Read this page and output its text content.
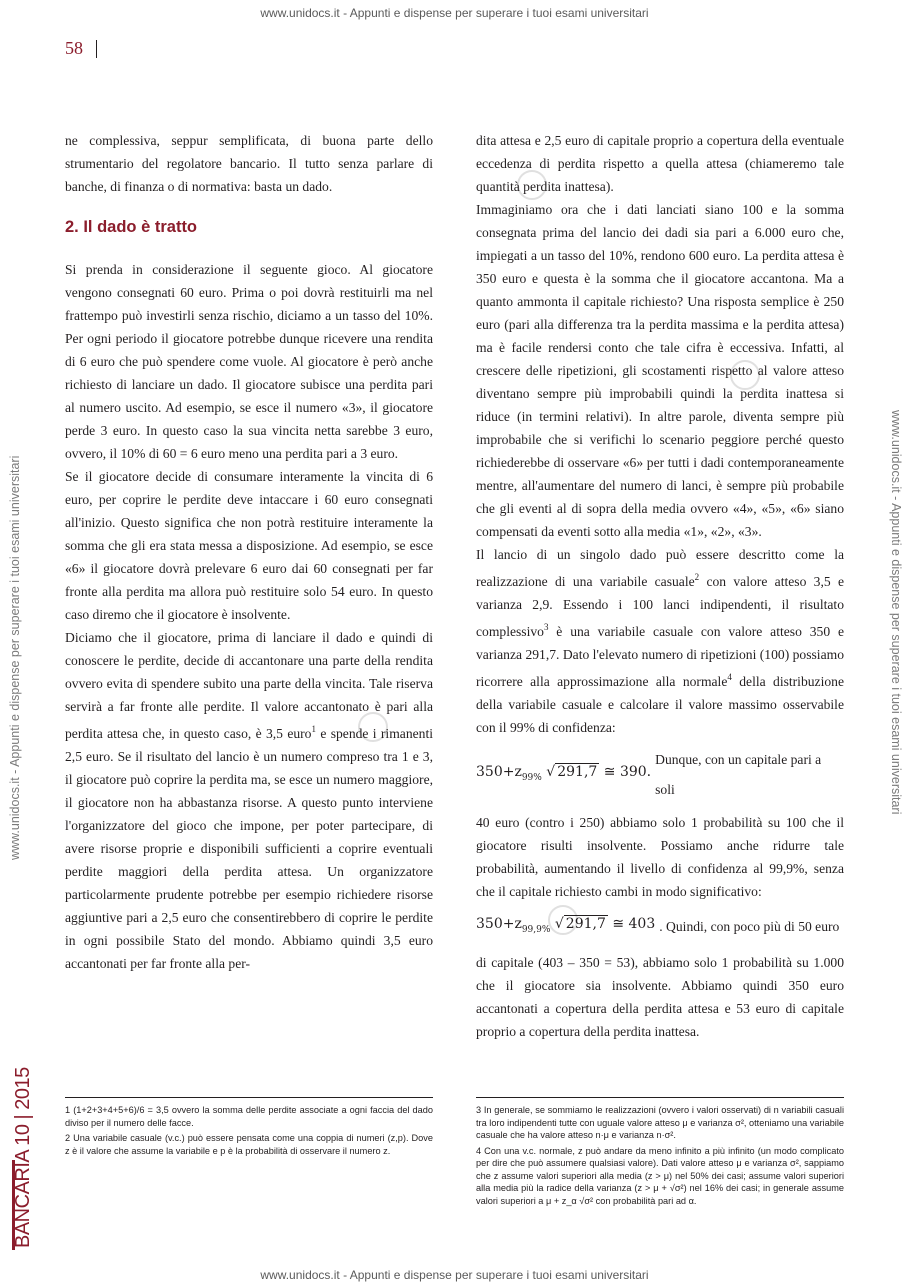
www.unidocs.it - Appunti e dispense per superare i tuoi esami universitari
www.unidocs.it - Appunti e dispense per superare i tuoi esami universitari
www.unidocs.it - Appunti e dispense per superare i tuoi esami universitari	www.unidocs.it - Appunti e dispense per superare i tuoi esami universitari
58

ne complessiva, seppur semplificata, di buona parte dello strumentario del regolatore bancario. Il tutto senza parlare di banche, di finanza o di normativa: basta un dado.

2. Il dado è tratto

Si prenda in considerazione il seguente gioco. Al giocatore vengono consegnati 60 euro. Prima o poi dovrà restituirli ma nel frattempo può investirli senza rischio, diciamo a un tasso del 10%. Per ogni periodo il giocatore potrebbe dunque ricevere una rendita di 6 euro che può spendere come vuole. Al giocatore è però anche richiesto di lanciare un dado. Il giocatore subisce una perdita pari al numero uscito. Ad esempio, se esce il numero «3», il giocatore perde 3 euro. In questo caso la sua vincita netta sarebbe 3 euro, ovvero, il 10% di 60 = 6 euro meno una perdita pari a 3 euro.

Se il giocatore decide di consumare interamente la vincita di 6 euro, per coprire le perdite deve intaccare i 60 euro consegnati all'inizio. Questo significa che non potrà restituire interamente la somma che gli era stata messa a disposizione. Ad esempio, se esce «6» il giocatore dovrà prelevare 6 euro dai 60 consegnati per far fronte alla perdita ma allora può restituire solo 54 euro. In questo caso diremo che il giocatore è insolvente.

Diciamo che il giocatore, prima di lanciare il dado e quindi di conoscere le perdite, decide di accantonare una parte della rendita ovvero evita di spendere subito una parte della vincita. Tale riserva servirà a far fronte alle perdite. Il valore accantonato è pari alla perdita attesa che, in questo caso, è 3,5 euro$^1$ e spende i rimanenti 2,5 euro. Se il risultato del lancio è un numero compreso tra 1 e 3, il giocatore può coprire la perdita ma, se esce un numero maggiore, il giocatore non ha abbastanza risorse. A questo punto interviene l'organizzatore del gioco che impone, per poter partecipare, di avere risorse proprie e disponibili sufficienti a coprire eventuali perdite maggiori della perdita attesa. Un organizzatore particolarmente prudente potrebbe per esempio richiedere risorse aggiuntive pari a 2,5 euro che consentirebbero di coprire le perdite in ogni possibile Stato del mondo. Abbiamo quindi 3,5 euro accantonati per far fronte alla per-

dita attesa e 2,5 euro di capitale proprio a copertura della eventuale eccedenza di perdita rispetto a quella attesa (chiameremo tale quantità perdita inattesa).

Immaginiamo ora che i dati lanciati siano 100 e la somma consegnata prima del lancio dei dadi sia pari a 6.000 euro che, impiegati a un tasso del 10%, rendono 600 euro. La perdita attesa è 350 euro e questa è la somma che il giocatore accantona. Ma a quanto ammonta il capitale richiesto? Una risposta semplice è 250 euro (pari alla differenza tra la perdita massima e la perdita attesa) ma è facile rendersi conto che tale cifra è eccessiva. Infatti, al crescere delle ripetizioni, gli scostamenti rispetto al valore atteso diventano sempre più improbabili quindi la perdita inattesa si riduce (in termini relativi). In altre parole, diventa sempre più improbabile che si verifichi lo scenario peggiore perché questo richiederebbe di osservare «6» per tutti i dadi contemporaneamente mentre, all'aumentare del numero di lanci, è sempre più probabile che gli eventi al di sopra della media ovvero «4», «5», «6» siano compensati da eventi sotto alla media «1», «2», «3».

Il lancio di un singolo dado può essere descritto come la realizzazione di una variabile casuale$^2$ con valore atteso 3,5 e varianza 2,9. Essendo i 100 lanci indipendenti, il risultato complessivo$^3$ è una variabile casuale con valore atteso 350 e varianza 291,7. Dato l'elevato numero di ripetizioni (100) possiamo ricorrere alla approssimazione alla normale$^4$ della distribuzione della variabile casuale e calcolare il valore massimo osservabile con il 99% di confidenza:

$350+z_{99\%}$ √ 291,7 ≅ 390.
Dunque, con un capitale pari a soli

40 euro (contro i 250) abbiamo solo 1 probabilità su 100 che il giocatore risulti insolvente. Possiamo anche ridurre tale probabilità, aumentando il livello di confidenza al 99,9%, senza che il capitale richiesto cambi in modo significativo:

$350+z_{99,9\%}$ √ 291,7 ≅ 403 . Quindi, con poco più di 50 euro

di capitale (403 – 350 = 53), abbiamo solo 1 probabilità su 1.000 che il giocatore sia insolvente. Abbiamo quindi 350 euro accantonati a copertura della perdita attesa e 53 euro di capitale proprio a copertura della perdita inattesa.

1 (1+2+3+4+5+6)/6 = 3,5 ovvero la somma delle perdite associate a ogni faccia del dado diviso per il numero delle facce.

2 Una variabile casuale (v.c.) può essere pensata come una coppia di numeri (z,p). Dove z è il valore che assume la variabile e p è la probabilità di osservare il numero z.

3 In generale, se sommiamo le realizzazioni (ovvero i valori osservati) di n variabili casuali tra loro indipendenti tutte con uguale valore atteso μ e varianza σ², otteniamo una variabile casuale che ha valore atteso n·μ e varianza n·σ².

4 Con una v.c. normale, z può andare da meno infinito a più infinito (un modo complicato per dire che può assumere qualsiasi valore). Dati valore atteso μ e varianza σ², sappiamo che z assume valori superiori alla media (z > μ) nel 50% dei casi; assume valori superiori alla media più la radice della varianza (z > μ + √σ²) nel 16% dei casi; in generale assume valori superiori a μ + z_α √σ² con probabilità pari ad α.

BANCARIA 10 | 2015
